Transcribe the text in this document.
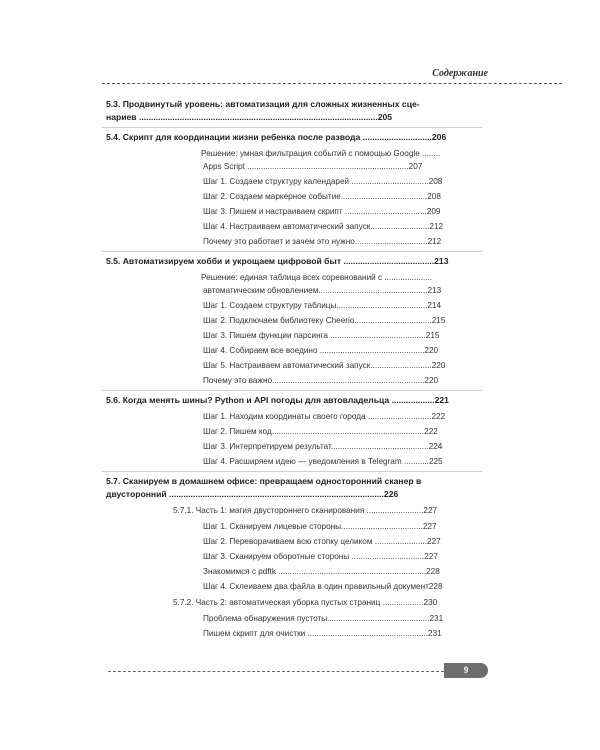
Содержание
5.3. Продвинутый уровень: автоматизация для сложных жизненных сце-
нариев ....................................................................................................205
5.4. Скрипт для координации жизни ребенка после развода .............................206
Решение: умная фильтрация событий с помощью Google ........
Apps Script .......................................................................207
Шаг 1. Создаем структуру календарей ..................................208
Шаг 2. Создаем маркерное событие......................................208
Шаг 3. Пишем и настраиваем скрипт ....................................209
Шаг 4. Настраиваем автоматический запуск..........................212
Почему это работает и зачем это нужно................................212
5.5. Автоматизируем хобби и укрощаем цифровой быт ......................................213
Решение: единая таблица всех соревнований с .....................
автоматическим обновлением................................................213
Шаг 1. Создаем структуру таблицы........................................214
Шаг 2. Подключаем библиотеку Cheerio..................................215
Шаг 3. Пишем функции парсинга ..........................................215
Шаг 4. Собираем все воедино ..............................................220
Шаг 5. Настраиваем автоматический запуск...........................220
Почему это важно...................................................................220
5.6. Когда менять шины? Python и API погоды для автовладельца ..................221
Шаг 1. Находим координаты своего города ............................222
Шаг 2. Пишем код...................................................................222
Шаг 3. Интерпретируем результат...........................................224
Шаг 4. Расширяем идею — уведомления в Telegram ...........225
5.7. Сканируем в домашнем офисе: превращаем односторонний сканер в
двусторонний ..........................................................................................226
5.7.1. Часть 1: магия двустороннего сканирования .........................227
Шаг 1. Сканируем лицевые стороны....................................227
Шаг 2. Переворачиваем всю стопку целиком .......................227
Шаг 3. Сканируем оборотные стороны ................................227
Знакомимся с pdftk .................................................................228
Шаг 4. Склеиваем два файла в один правильный документ228
5.7.2. Часть 2: автоматическая уборка пустых страниц ..................230
Проблема обнаружения пустоты.............................................231
Пишем скрипт для очистки .....................................................231
9
